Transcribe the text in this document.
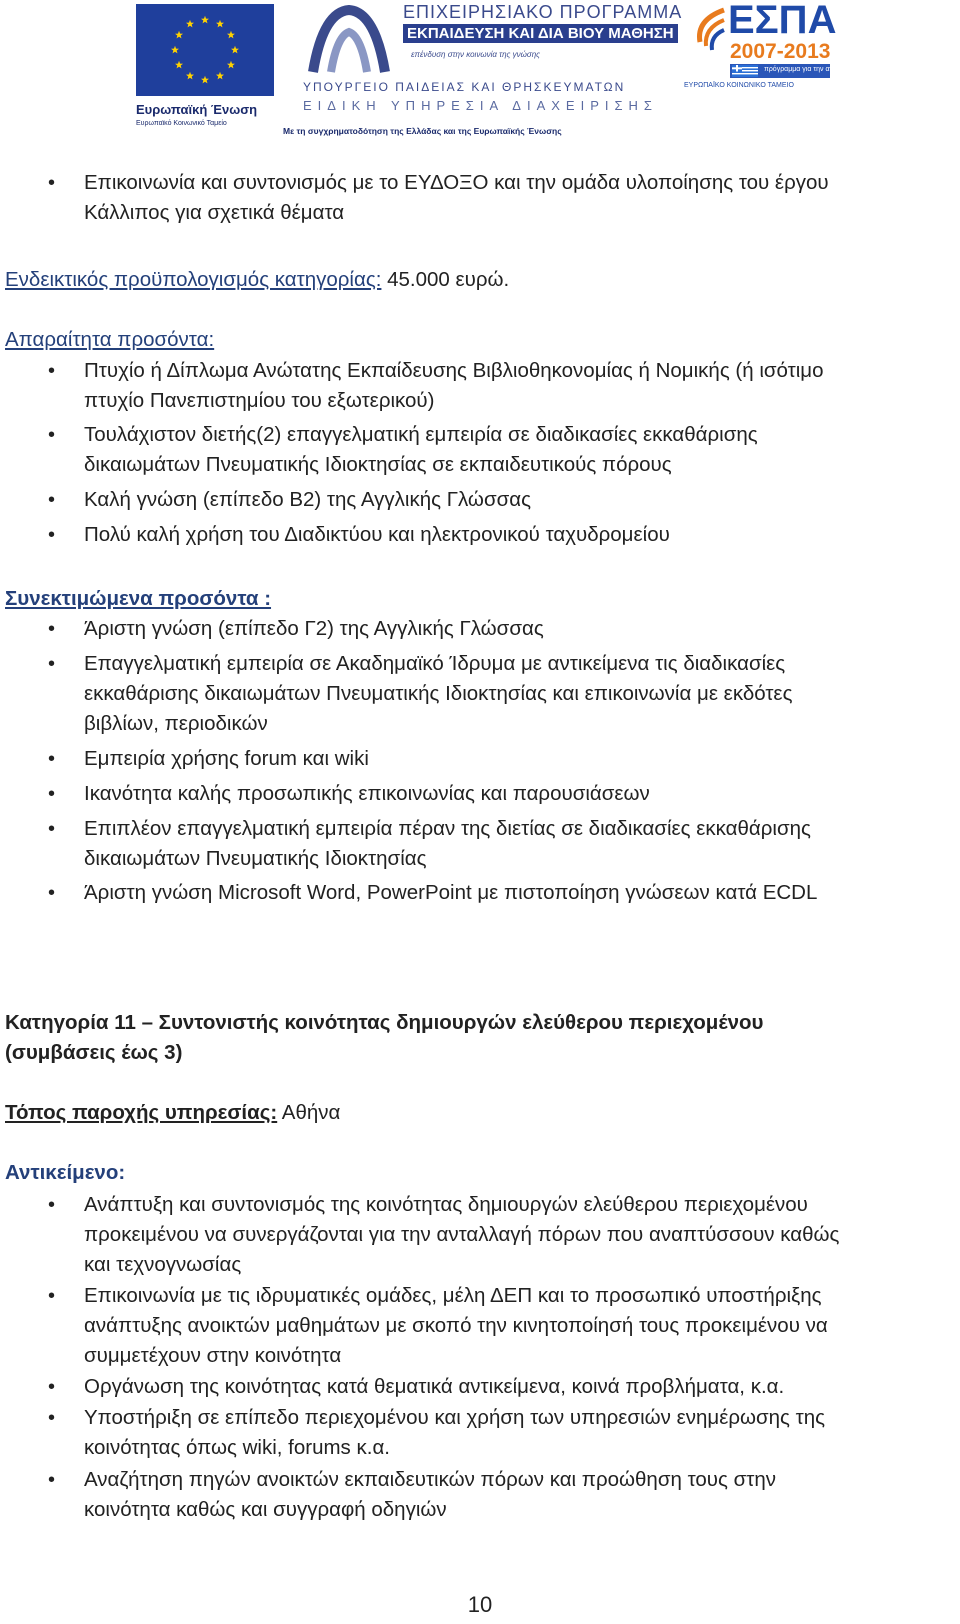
Ευρωπαϊκή Ένωση
Ευρωπαϊκό Κοινωνικό Ταμείο
ΕΠΙΧΕΙΡΗΣΙΑΚΟ ΠΡΟΓΡΑΜΜΑ
ΕΚΠΑΙΔΕΥΣΗ ΚΑΙ ΔΙΑ ΒΙΟΥ ΜΑΘΗΣΗ
επένδυση στην κοινωνία της γνώσης
ΥΠΟΥΡΓΕΙΟ ΠΑΙΔΕΙΑΣ ΚΑΙ ΘΡΗΣΚΕΥΜΑΤΩΝ
ΕΙΔΙΚΗ ΥΠΗΡΕΣΙΑ ΔΙΑΧΕΙΡΙΣΗΣ
Με τη συγχρηματοδότηση της Ελλάδας και της Ευρωπαϊκής Ένωσης
ΕΣΠΑ
2007-2013
πρόγραμμα για την ανάπτυξη
ΕΥΡΩΠΑΪΚΟ ΚΟΙΝΩΝΙΚΟ ΤΑΜΕΙΟ
• Επικοινωνία και συντονισμός με το ΕΥΔΟΞΟ και την ομάδα υλοποίησης του έργου
Κάλλιπος για σχετικά θέματα
Ενδεικτικός προϋπολογισμός κατηγορίας: 45.000 ευρώ.
Απαραίτητα προσόντα:
• Πτυχίο ή Δίπλωμα Ανώτατης Εκπαίδευσης Βιβλιοθηκονομίας ή Νομικής (ή ισότιμο
πτυχίο Πανεπιστημίου του εξωτερικού)
• Τουλάχιστον διετής(2) επαγγελματική εμπειρία σε διαδικασίες εκκαθάρισης
δικαιωμάτων Πνευματικής Ιδιοκτησίας σε εκπαιδευτικούς πόρους
• Καλή γνώση (επίπεδο Β2) της Αγγλικής Γλώσσας
• Πολύ καλή χρήση του Διαδικτύου και ηλεκτρονικού ταχυδρομείου
Συνεκτιμώμενα προσόντα :
• Άριστη γνώση (επίπεδο Γ2) της Αγγλικής Γλώσσας
• Επαγγελματική εμπειρία σε Ακαδημαϊκό Ίδρυμα με αντικείμενα τις διαδικασίες
εκκαθάρισης δικαιωμάτων Πνευματικής Ιδιοκτησίας και επικοινωνία με εκδότες
βιβλίων, περιοδικών
• Εμπειρία χρήσης forum και wiki
• Ικανότητα καλής προσωπικής επικοινωνίας και παρουσιάσεων
• Επιπλέον επαγγελματική εμπειρία πέραν της διετίας σε διαδικασίες εκκαθάρισης
δικαιωμάτων Πνευματικής Ιδιοκτησίας
• Άριστη γνώση Microsoft Word, PowerPoint με πιστοποίηση γνώσεων κατά ECDL
Κατηγορία 11 – Συντονιστής κοινότητας δημιουργών ελεύθερου περιεχομένου
(συμβάσεις έως 3)
Τόπος παροχής υπηρεσίας: Αθήνα
Αντικείμενο:
• Ανάπτυξη και συντονισμός της κοινότητας δημιουργών ελεύθερου περιεχομένου
προκειμένου να συνεργάζονται για την ανταλλαγή πόρων που αναπτύσσουν καθώς
και τεχνογνωσίας
• Επικοινωνία με τις ιδρυματικές ομάδες, μέλη ΔΕΠ και το προσωπικό υποστήριξης
ανάπτυξης ανοικτών μαθημάτων με σκοπό την κινητοποίησή τους προκειμένου να
συμμετέχουν στην κοινότητα
• Οργάνωση της κοινότητας κατά θεματικά αντικείμενα, κοινά προβλήματα, κ.α.
• Υποστήριξη σε επίπεδο περιεχομένου και χρήση των υπηρεσιών ενημέρωσης της
κοινότητας όπως wiki, forums κ.α.
• Αναζήτηση πηγών ανοικτών εκπαιδευτικών πόρων και προώθηση τους στην
κοινότητα καθώς και συγγραφή οδηγιών
10
